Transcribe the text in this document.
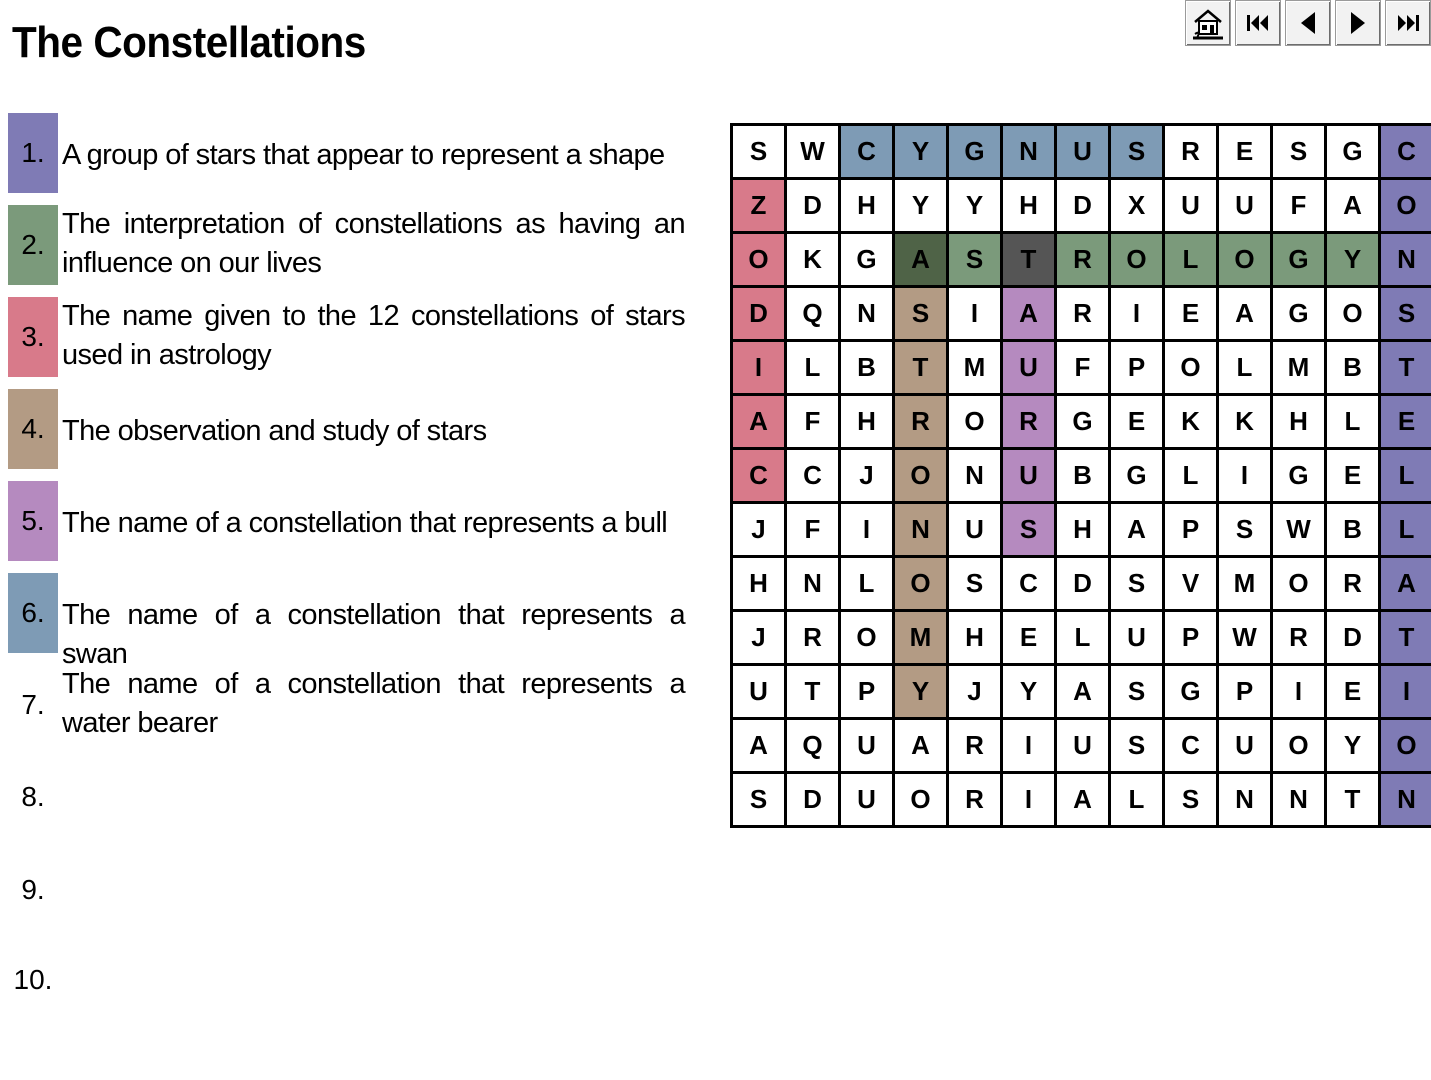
The Constellations
1. A group of stars that appear to represent a shape
2.
The interpretation of constellations as having an influence on our lives
3.
The name given to the 12 constellations of stars used in astrology
4. The observation and study of stars
5. The name of a constellation that represents a bull
6. The name of a constellation that represents a swan
7.
The name of a constellation that represents a water bearer
8.
9.
10.
S	W	C	Y	G	N	U	S	R	E	S	G	C
Z	D	H	Y	Y	H	D	X	U	U	F	A	O
O	K	G	A	S	T	R	O	L	O	G	Y	N
D	Q	N	S	I	A	R	I	E	A	G	O	S
I	L	B	T	M	U	F	P	O	L	M	B	T
A	F	H	R	O	R	G	E	K	K	H	L	E
C	C	J	O	N	U	B	G	L	I	G	E	L
J	F	I	N	U	S	H	A	P	S	W	B	L
H	N	L	O	S	C	D	S	V	M	O	R	A
J	R	O	M	H	E	L	U	P	W	R	D	T
U	T	P	Y	J	Y	A	S	G	P	I	E	I
A	Q	U	A	R	I	U	S	C	U	O	Y	O
S	D	U	O	R	I	A	L	S	N	N	T	N
